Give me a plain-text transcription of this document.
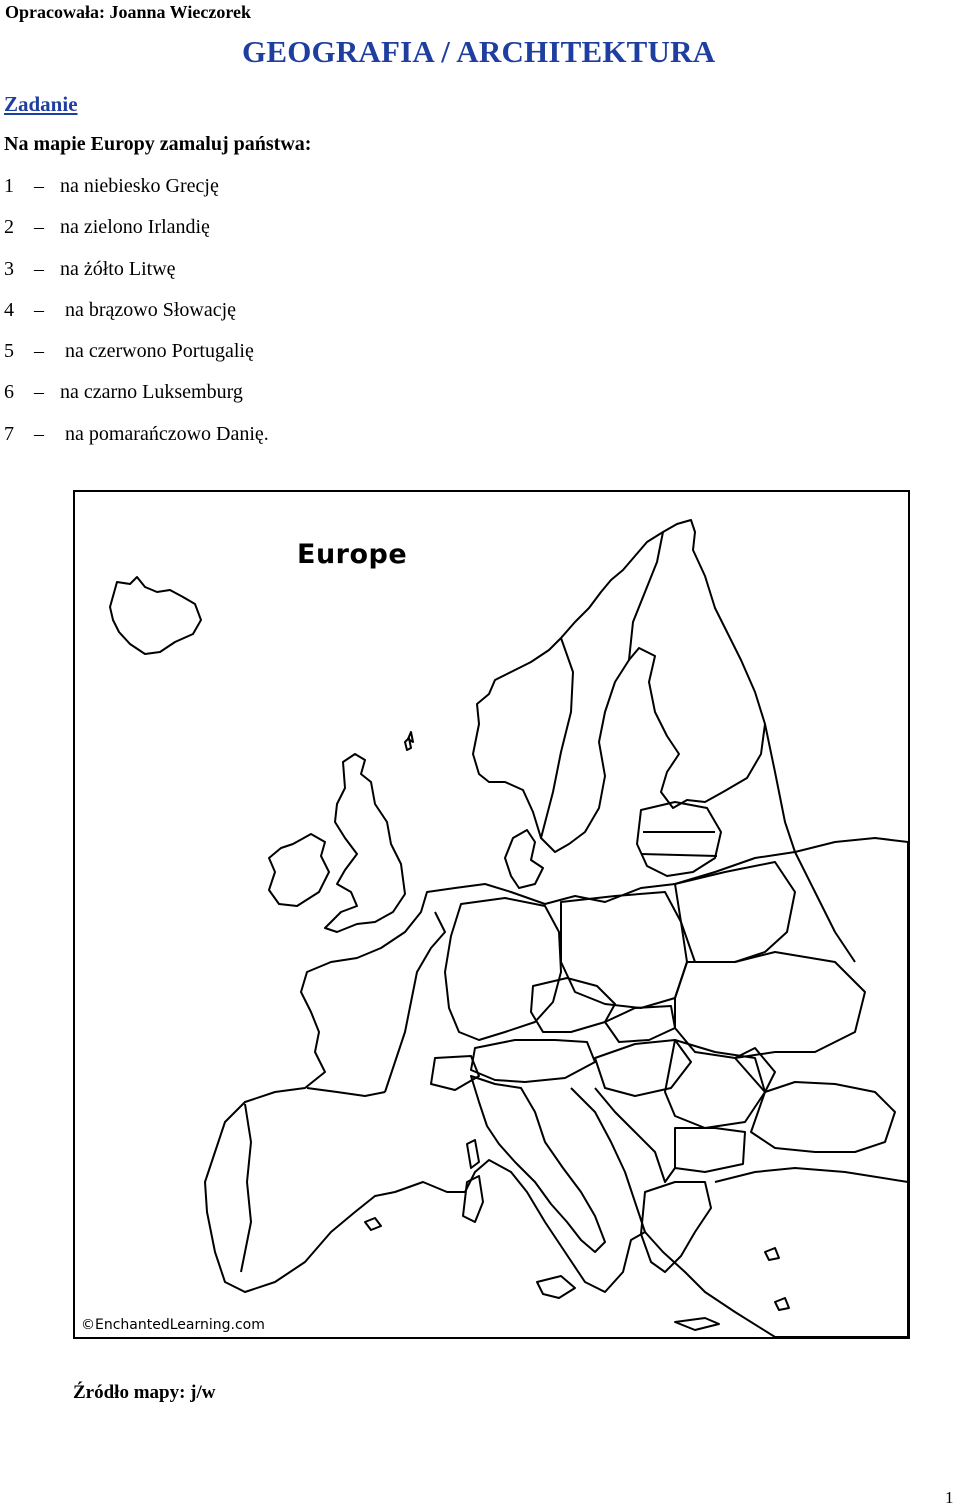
Opracowała: Joanna Wieczorek
GEOGRAFIA / ARCHITEKTURA
Zadanie
Na mapie Europy zamaluj państwa:
1 – na niebiesko Grecję
2 – na zielono Irlandię
3 – na żółto Litwę
4 – na brązowo Słowację
5 – na czerwono Portugalię
6 – na czarno Luksemburg
7 – na pomarańczowo Danię.
Europe
©EnchantedLearning.com
Źródło mapy: j/w
1
